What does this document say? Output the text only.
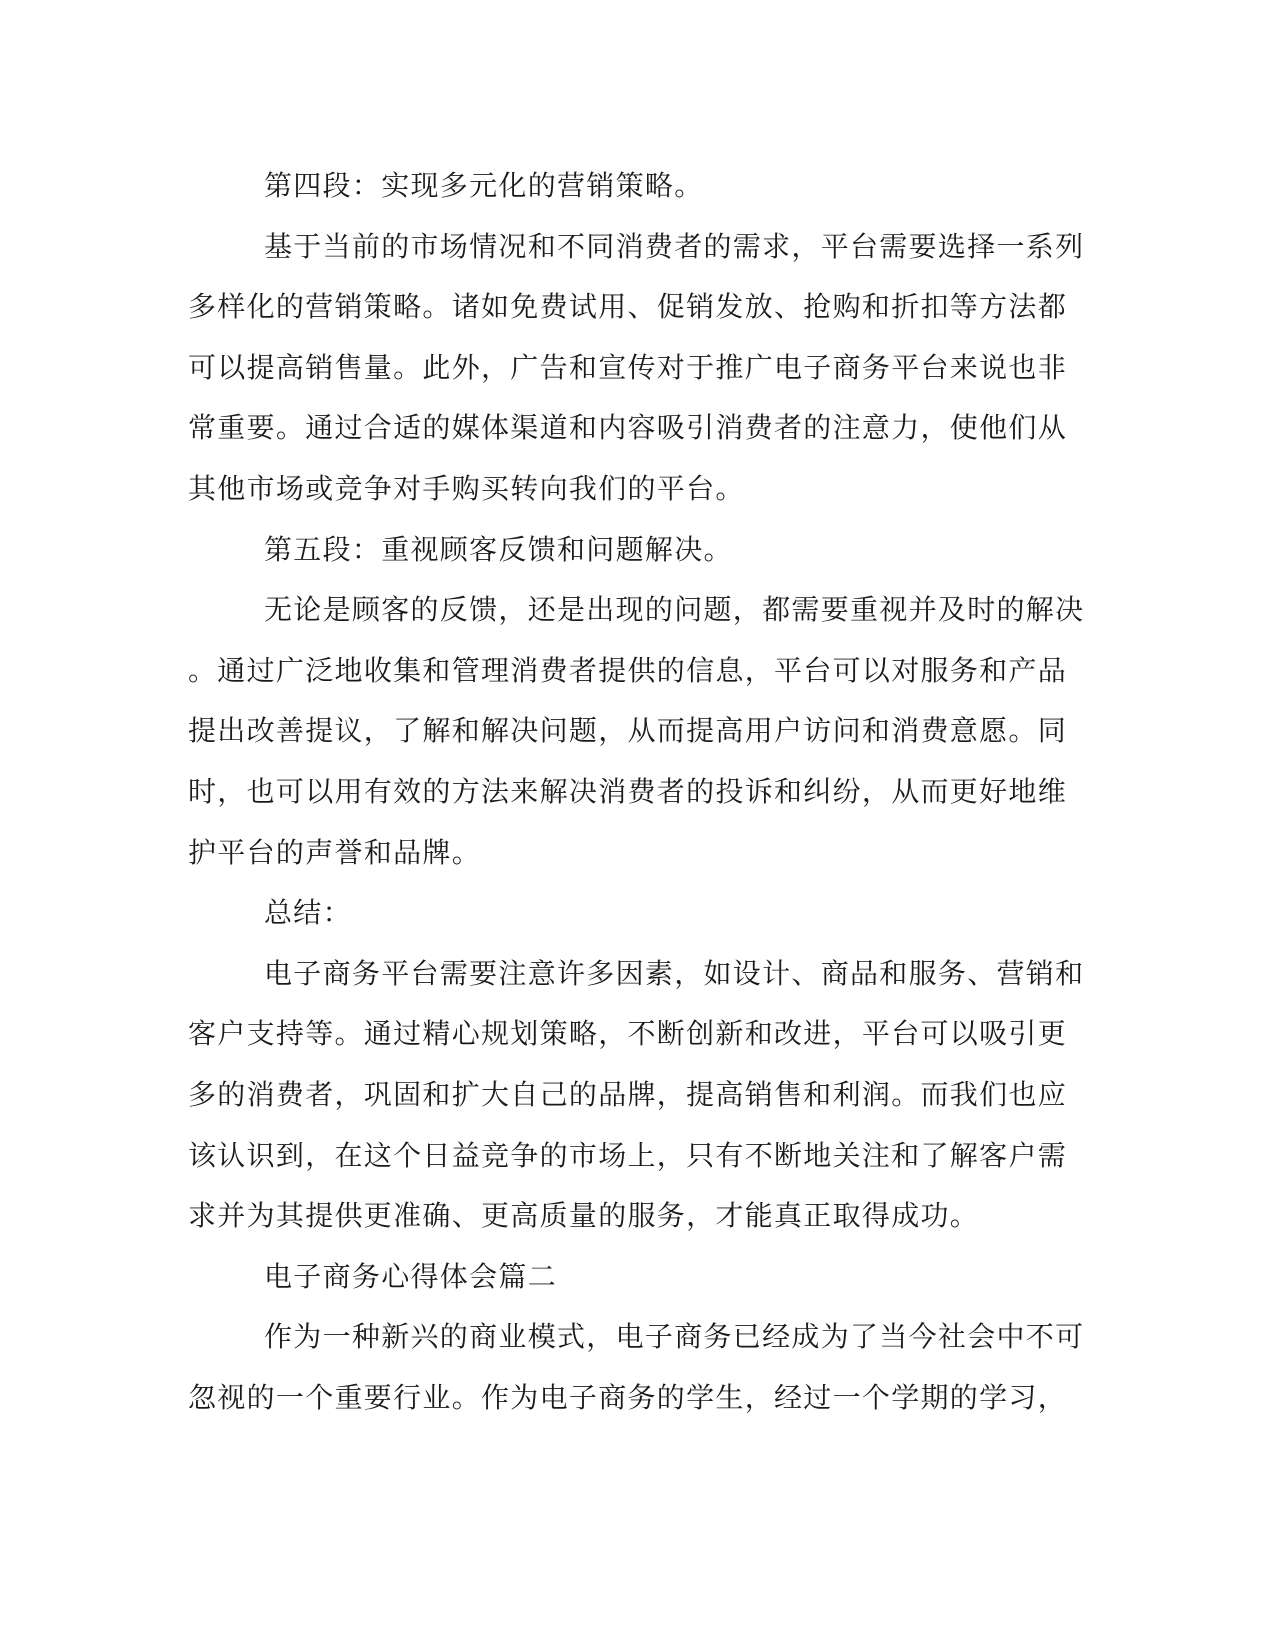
第四段：实现多元化的营销策略。
基于当前的市场情况和不同消费者的需求，平台需要选择一系列
多样化的营销策略。诸如免费试用、促销发放、抢购和折扣等方法都
可以提高销售量。此外，广告和宣传对于推广电子商务平台来说也非
常重要。通过合适的媒体渠道和内容吸引消费者的注意力，使他们从
其他市场或竞争对手购买转向我们的平台。
第五段：重视顾客反馈和问题解决。
无论是顾客的反馈，还是出现的问题，都需要重视并及时的解决
。通过广泛地收集和管理消费者提供的信息，平台可以对服务和产品
提出改善提议，了解和解决问题，从而提高用户访问和消费意愿。同
时，也可以用有效的方法来解决消费者的投诉和纠纷，从而更好地维
护平台的声誉和品牌。
总结：
电子商务平台需要注意许多因素，如设计、商品和服务、营销和
客户支持等。通过精心规划策略，不断创新和改进，平台可以吸引更
多的消费者，巩固和扩大自己的品牌，提高销售和利润。而我们也应
该认识到，在这个日益竞争的市场上，只有不断地关注和了解客户需
求并为其提供更准确、更高质量的服务，才能真正取得成功。
电子商务心得体会篇二
作为一种新兴的商业模式，电子商务已经成为了当今社会中不可
忽视的一个重要行业。作为电子商务的学生，经过一个学期的学习，
